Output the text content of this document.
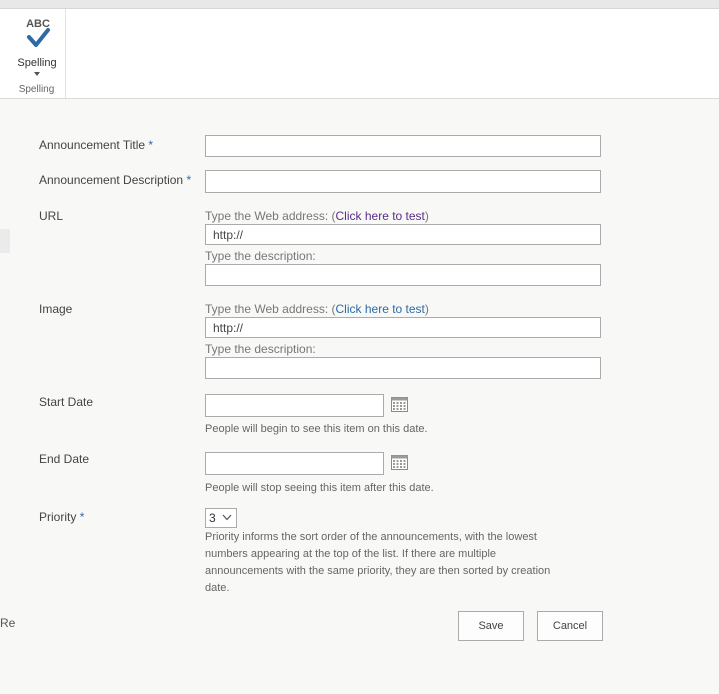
ABC
Spelling
Spelling
Re
Announcement Title *
Announcement Description *
URL	Type the Web address: (Click here to test)
http://
Type the description:
Image	Type the Web address: (Click here to test)
http://
Type the description:
Start Date
People will begin to see this item on this date.
End Date
People will stop seeing this item after this date.
Priority *	3
Priority informs the sort order of the announcements, with the lowest
numbers appearing at the top of the list. If there are multiple
announcements with the same priority, they are then sorted by creation
date.
Save	Cancel
